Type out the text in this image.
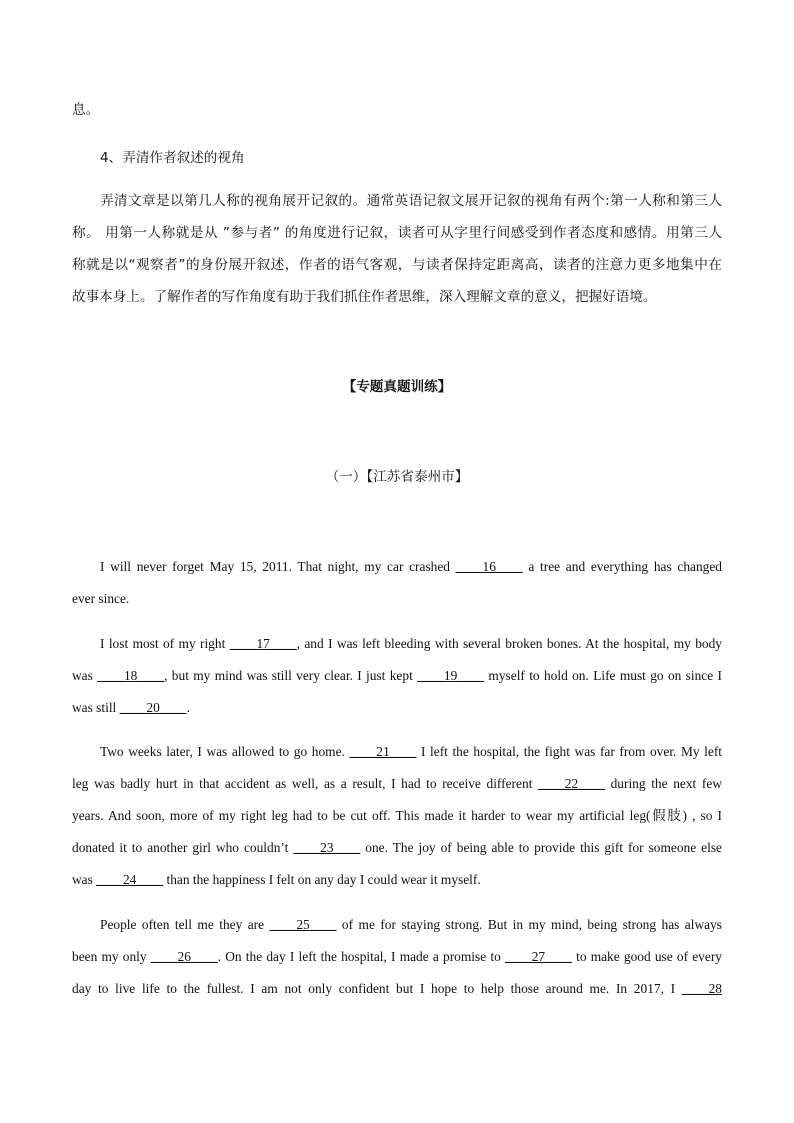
息。
4、弄清作者叙述的视角
弄清文章是以第几人称的视角展开记叙的。通常英语记叙文展开记叙的视角有两个:第一人称和第三人
称。 用第一人称就是从 ”参与者” 的角度进行记叙，读者可从字里行间感受到作者态度和感情。用第三人
称就是以“观察者”的身份展开叙述，作者的语气客观，与读者保持定距离高，读者的注意力更多地集中在
故事本身上。了解作者的写作角度有助于我们抓住作者思维，深入理解文章的意义，把握好语境。
【专题真题训练】
（一）【江苏省泰州市】
I will never forget May 15, 2011. That night, my car crashed ____16____ a tree and everything has changed
ever since.
I lost most of my right ____17____, and I was left bleeding with several broken bones. At the hospital, my body
was ____18____, but my mind was still very clear. I just kept ____19____ myself to hold on. Life must go on since I
was still ____20____.
Two weeks later, I was allowed to go home. ____21____ I left the hospital, the fight was far from over. My left
leg was badly hurt in that accident as well, as a result, I had to receive different ____22____ during the next few
years. And soon, more of my right leg had to be cut off. This made it harder to wear my artificial leg(假肢) , so I
donated it to another girl who couldn’t ____23____ one. The joy of being able to provide this gift for someone else
was ____24____ than the happiness I felt on any day I could wear it myself.
People often tell me they are ____25____ of me for staying strong. But in my mind, being strong has always
been my only ____26____. On the day I left the hospital, I made a promise to ____27____ to make good use of every
day to live life to the fullest. I am not only confident but I hope to help those around me. In 2017, I ____28
